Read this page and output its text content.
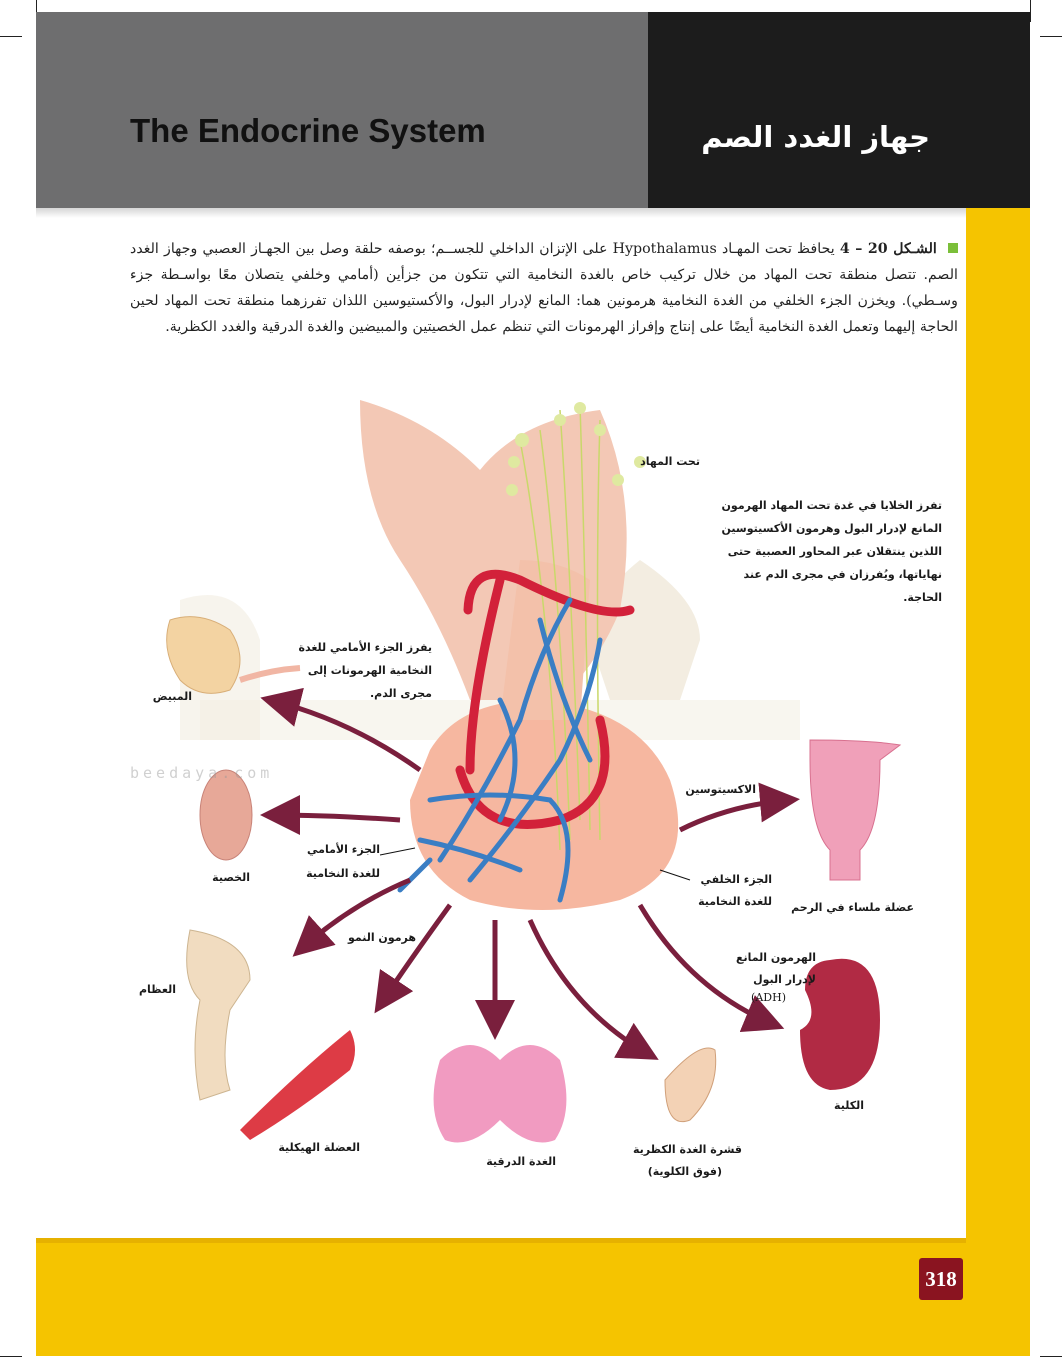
The Endocrine System	جهاز الغدد الصم
318
الشـكل 20 – 4 يحافظ تحت المهـاد Hypothalamus على الإتزان الداخلي للجســم؛ بوصفه حلقة وصل بين الجهـاز العصبي وجهاز الغدد الصم. تتصل منطقة تحت المهاد من خلال تركيب خاص بالغدة النخامية التي تتكون من جزأين (أمامي وخلفي يتصلان معًا بواسـطة جزء وسـطي). ويخزن الجزء الخلفي من الغدة النخامية هرمونين هما: المانع لإدرار البول، والأكستيوسين اللذان تفرزهما منطقة تحت المهاد لحين الحاجة إليهما وتعمل الغدة النخامية أيضًا على إنتاج وإفراز الهرمونات التي تنظم عمل الخصيتين والمبيضين والغدة الدرقية والغدد الكظرية.
تحت المهاد
تفرز الخلايا في غدة تحت المهاد الهرمون المانع لإدرار البول وهرمون الأكسيتوسين اللذين ينتقلان عبر المحاور العصبية حتى نهاياتها، ويُفرزان في مجرى الدم عند الحاجة.
يفرز الجزء الأمامي للغدة النخامية الهرمونات إلى مجرى الدم.
المبيض
الخصية
الجزء الأمامي
للغدة النخامية	الجزء الخلفي
للغدة النخامية
الاكسيتوسين
عضلة ملساء في الرحم
هرمون النمو
العظام
الهرمون المانع
لإدرار البول
(ADH)
الكلية
العضلة الهيكلية
الغدة الدرقية
قشرة الغدة الكظرية
(فوق الكلوية)
beedaya.com
